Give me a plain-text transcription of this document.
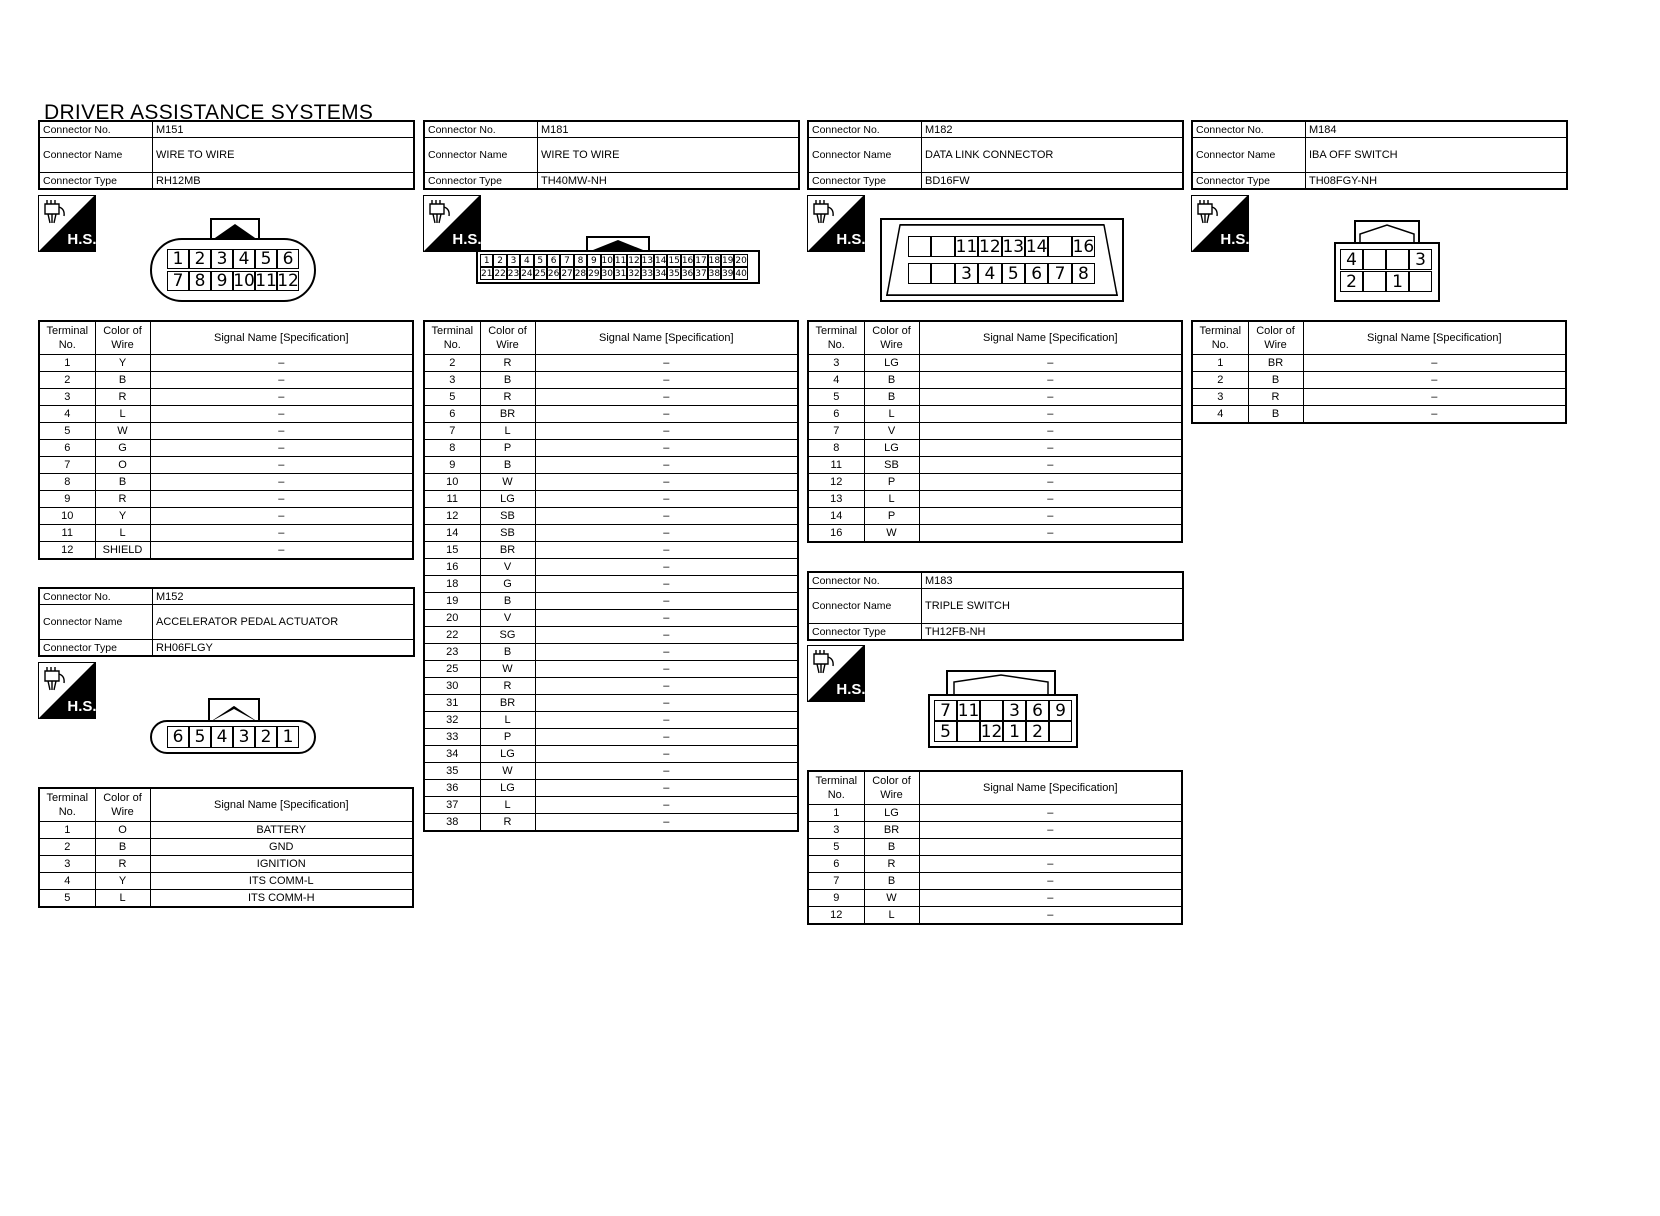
DRIVER ASSISTANCE SYSTEMS
Connector No.	M151
Connector Name	WIRE TO WIRE
Connector Type	RH12MB
H.S.
1 2 3 4 5 6
7 8 9 10 11 12
Terminal No.	Color of Wire	Signal Name [Specification]
1	Y	–
2	B	–
3	R	–
4	L	–
5	W	–
6	G	–
7	O	–
8	B	–
9	R	–
10	Y	–
11	L	–
12	SHIELD	–
Connector No.	M152
Connector Name	ACCELERATOR PEDAL ACTUATOR
Connector Type	RH06FLGY
H.S.
6 5 4 3 2 1
Terminal No.	Color of Wire	Signal Name [Specification]
1	O	BATTERY
2	B	GND
3	R	IGNITION
4	Y	ITS COMM-L
5	L	ITS COMM-H
Connector No.	M181
Connector Name	WIRE TO WIRE
Connector Type	TH40MW-NH
H.S.
1 2 3 4 5 6 7 8 9 10 11 12 13 14 15 16 17 18 19 20
21 22 23 24 25 26 27 28 29 30 31 32 33 34 35 36 37 38 39 40
Terminal No.	Color of Wire	Signal Name [Specification]
2	R	–
3	B	–
5	R	–
6	BR	–
7	L	–
8	P	–
9	B	–
10	W	–
11	LG	–
12	SB	–
14	SB	–
15	BR	–
16	V	–
18	G	–
19	B	–
20	V	–
22	SG	–
23	B	–
25	W	–
30	R	–
31	BR	–
32	L	–
33	P	–
34	LG	–
35	W	–
36	LG	–
37	L	–
38	R	–
Connector No.	M182
Connector Name	DATA LINK CONNECTOR
Connector Type	BD16FW
H.S.	11 12 13 14 16
3 4 5 6 7 8
Terminal No.	Color of Wire	Signal Name [Specification]
3	LG	–
4	B	–
5	B	–
6	L	–
7	V	–
8	LG	–
11	SB	–
12	P	–
13	L	–
14	P	–
16	W	–
Connector No.	M183
Connector Name	TRIPLE SWITCH
Connector Type	TH12FB-NH
H.S.
7 11	3 6 9
5	12 1 2
Terminal No.	Color of Wire	Signal Name [Specification]
1	LG	–
3	BR	–
5	B	
6	R	–
7	B	–
9	W	–
12	L	–
Connector No.	M184
Connector Name	IBA OFF SWITCH
Connector Type	TH08FGY-NH
H.S.
4	3
2	1
Terminal No.	Color of Wire	Signal Name [Specification]
1	BR	–
2	B	–
3	R	–
4	B	–
